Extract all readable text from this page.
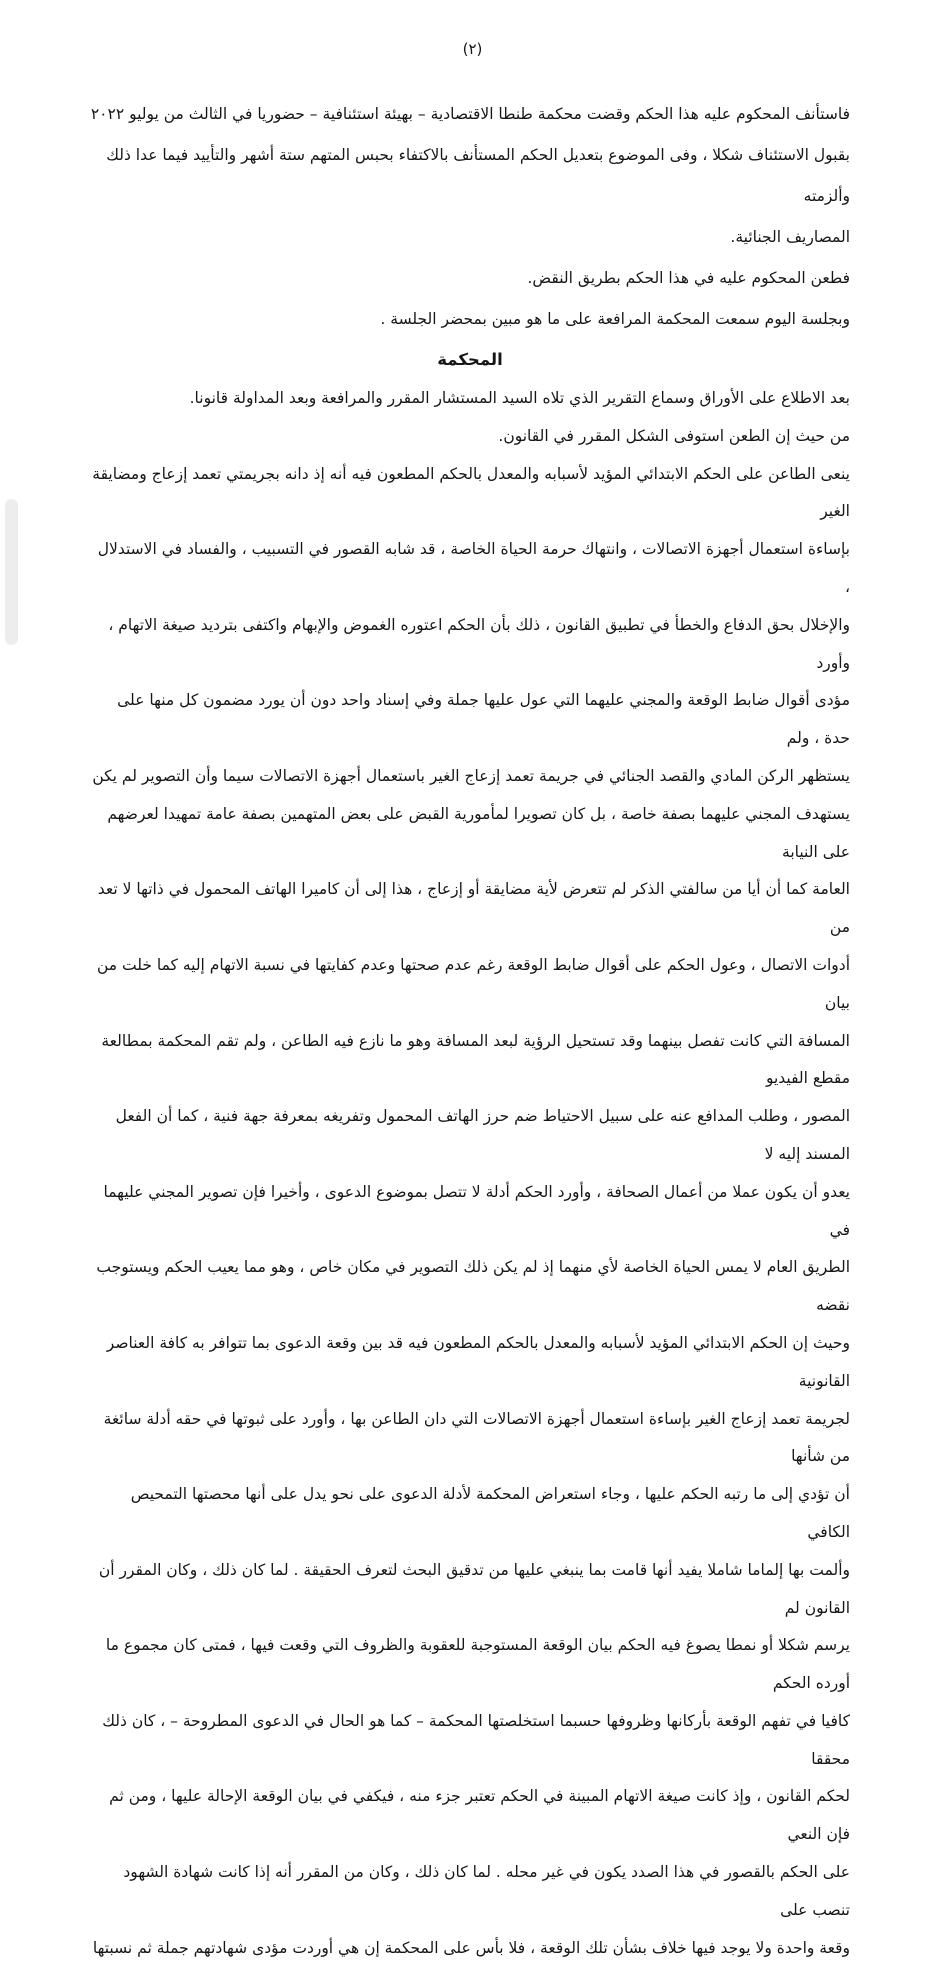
(٢)
فاستأنف المحكوم عليه هذا الحكم وقضت محكمة طنطا الاقتصادية – بهيئة استئنافية – حضوريا في الثالث من يوليو ٢٠٢٢
بقبول الاستئناف شكلا ، وفى الموضوع بتعديل الحكم المستأنف بالاكتفاء بحبس المتهم ستة أشهر والتأييد فيما عدا ذلك وألزمته
المصاريف الجنائية.
فطعن المحكوم عليه في هذا الحكم بطريق النقض.
وبجلسة اليوم سمعت المحكمة المرافعة على ما هو مبين بمحضر الجلسة .
المحكمة
بعد الاطلاع على الأوراق وسماع التقرير الذي تلاه السيد المستشار المقرر والمرافعة وبعد المداولة قانونا.
من حيث إن الطعن استوفى الشكل المقرر في القانون.
ينعى الطاعن على الحكم الابتدائي المؤيد لأسبابه والمعدل بالحكم المطعون فيه أنه إذ دانه بجريمتي تعمد إزعاج ومضايقة الغير
بإساءة استعمال أجهزة الاتصالات ، وانتهاك حرمة الحياة الخاصة ، قد شابه القصور في التسبيب ، والفساد في الاستدلال ،
والإخلال بحق الدفاع والخطأ في تطبيق القانون ، ذلك بأن الحكم اعتوره الغموض والإبهام واكتفى بترديد صيغة الاتهام ، وأورد
مؤدى أقوال ضابط الوقعة والمجني عليهما التي عول عليها جملة وفي إسناد واحد دون أن يورد مضمون كل منها على حدة ، ولم
يستظهر الركن المادي والقصد الجنائي في جريمة تعمد إزعاج الغير باستعمال أجهزة الاتصالات سيما وأن التصوير لم يكن
يستهدف المجني عليهما بصفة خاصة ، بل كان تصويرا لمأمورية القبض على بعض المتهمين بصفة عامة تمهيدا لعرضهم على النيابة
العامة كما أن أيا من سالفتي الذكر لم تتعرض لأية مضايقة أو إزعاج ، هذا إلى أن كاميرا الهاتف المحمول في ذاتها لا تعد من
أدوات الاتصال ، وعول الحكم على أقوال ضابط الوقعة رغم عدم صحتها وعدم كفايتها في نسبة الاتهام إليه كما خلت من بيان
المسافة التي كانت تفصل بينهما وقد تستحيل الرؤية لبعد المسافة وهو ما نازع فيه الطاعن ، ولم تقم المحكمة بمطالعة مقطع الفيديو
المصور ، وطلب المدافع عنه على سبيل الاحتياط ضم حرز الهاتف المحمول وتفريغه بمعرفة جهة فنية ، كما أن الفعل المسند إليه لا
يعدو أن يكون عملا من أعمال الصحافة ، وأورد الحكم أدلة لا تتصل بموضوع الدعوى ، وأخيرا فإن تصوير المجني عليهما في
الطريق العام لا يمس الحياة الخاصة لأي منهما إذ لم يكن ذلك التصوير في مكان خاص ، وهو مما يعيب الحكم ويستوجب نقضه
وحيث إن الحكم الابتدائي المؤيد لأسبابه والمعدل بالحكم المطعون فيه قد بين وقعة الدعوى بما تتوافر به كافة العناصر القانونية
لجريمة تعمد إزعاج الغير بإساءة استعمال أجهزة الاتصالات التي دان الطاعن بها ، وأورد على ثبوتها في حقه أدلة سائغة من شأنها
أن تؤدي إلى ما رتبه الحكم عليها ، وجاء استعراض المحكمة لأدلة الدعوى على نحو يدل على أنها محصتها التمحيص الكافي
وألمت بها إلماما شاملا يفيد أنها قامت بما ينبغي عليها من تدقيق البحث لتعرف الحقيقة . لما كان ذلك ، وكان المقرر أن القانون لم
يرسم شكلا أو نمطا يصوغ فيه الحكم بيان الوقعة المستوجبة للعقوبة والظروف التي وقعت فيها ، فمتى كان مجموع ما أورده الحكم
كافيا في تفهم الوقعة بأركانها وظروفها حسبما استخلصتها المحكمة – كما هو الحال في الدعوى المطروحة – ، كان ذلك محققا
لحكم القانون ، وإذ كانت صيغة الاتهام المبينة في الحكم تعتبر جزء منه ، فيكفي في بيان الوقعة الإحالة عليها ، ومن ثم فإن النعي
على الحكم بالقصور في هذا الصدد يكون في غير محله . لما كان ذلك ، وكان من المقرر أنه إذا كانت شهادة الشهود تنصب على
وقعة واحدة ولا يوجد فيها خلاف بشأن تلك الوقعة ، فلا بأس على المحكمة إن هي أوردت مؤدى شهادتهم جملة ثم نسبتها
